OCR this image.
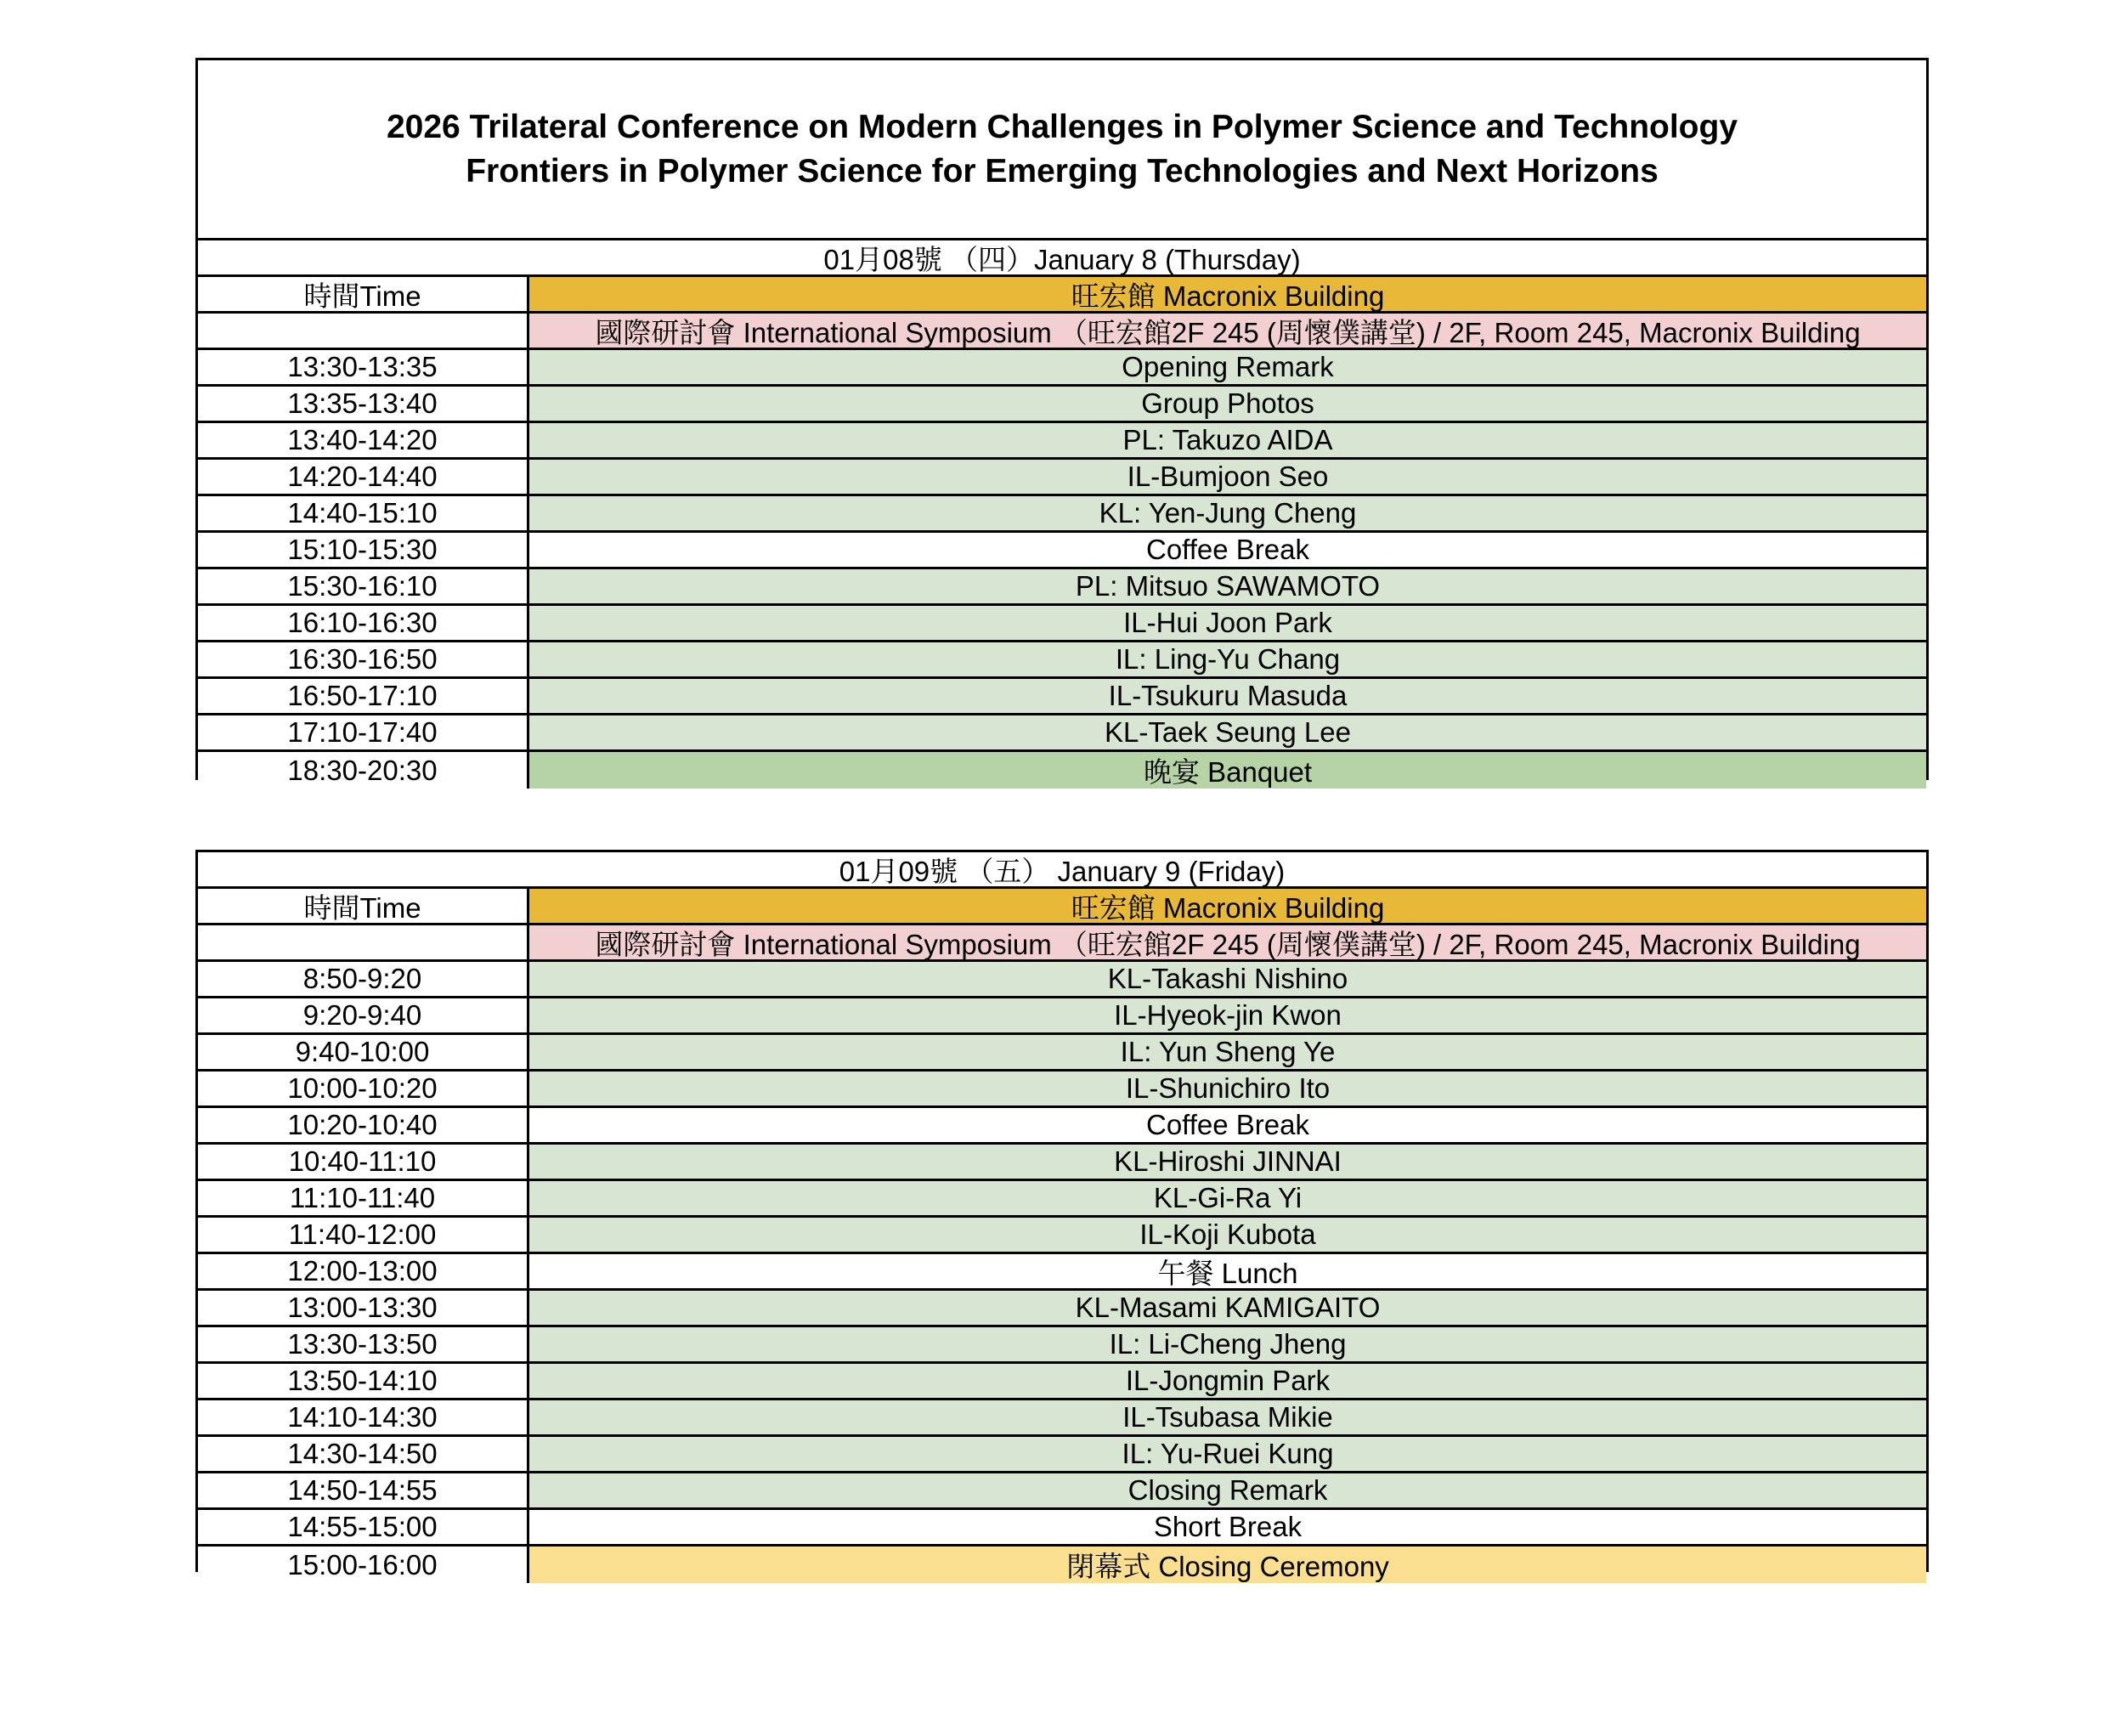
2026 Trilateral Conference on Modern Challenges in Polymer Science and Technology
Frontiers in Polymer Science for Emerging Technologies and Next Horizons
01月08號 （四）January 8 (Thursday)
時間Time	旺宏館 Macronix Building
國際研討會 International Symposium （旺宏館2F 245 (周懷僕講堂) / 2F, Room 245, Macronix Building
13:30-13:35	Opening Remark
13:35-13:40	Group Photos
13:40-14:20	PL: Takuzo AIDA
14:20-14:40	IL-Bumjoon Seo
14:40-15:10	KL: Yen-Jung Cheng
15:10-15:30	Coffee Break
15:30-16:10	PL: Mitsuo SAWAMOTO
16:10-16:30	IL-Hui Joon Park
16:30-16:50	IL: Ling-Yu Chang
16:50-17:10	IL-Tsukuru Masuda
17:10-17:40	KL-Taek Seung Lee
18:30-20:30	晚宴 Banquet
01月09號 （五） January 9 (Friday)
時間Time	旺宏館 Macronix Building
國際研討會 International Symposium （旺宏館2F 245 (周懷僕講堂) / 2F, Room 245, Macronix Building
8:50-9:20	KL-Takashi Nishino
9:20-9:40	IL-Hyeok-jin Kwon
9:40-10:00	IL: Yun Sheng Ye
10:00-10:20	IL-Shunichiro Ito
10:20-10:40	Coffee Break
10:40-11:10	KL-Hiroshi JINNAI
11:10-11:40	KL-Gi-Ra Yi
11:40-12:00	IL-Koji Kubota
12:00-13:00	午餐 Lunch
13:00-13:30	KL-Masami KAMIGAITO
13:30-13:50	IL: Li-Cheng Jheng
13:50-14:10	IL-Jongmin Park
14:10-14:30	IL-Tsubasa Mikie
14:30-14:50	IL: Yu-Ruei Kung
14:50-14:55	Closing Remark
14:55-15:00	Short Break
15:00-16:00	閉幕式 Closing Ceremony
